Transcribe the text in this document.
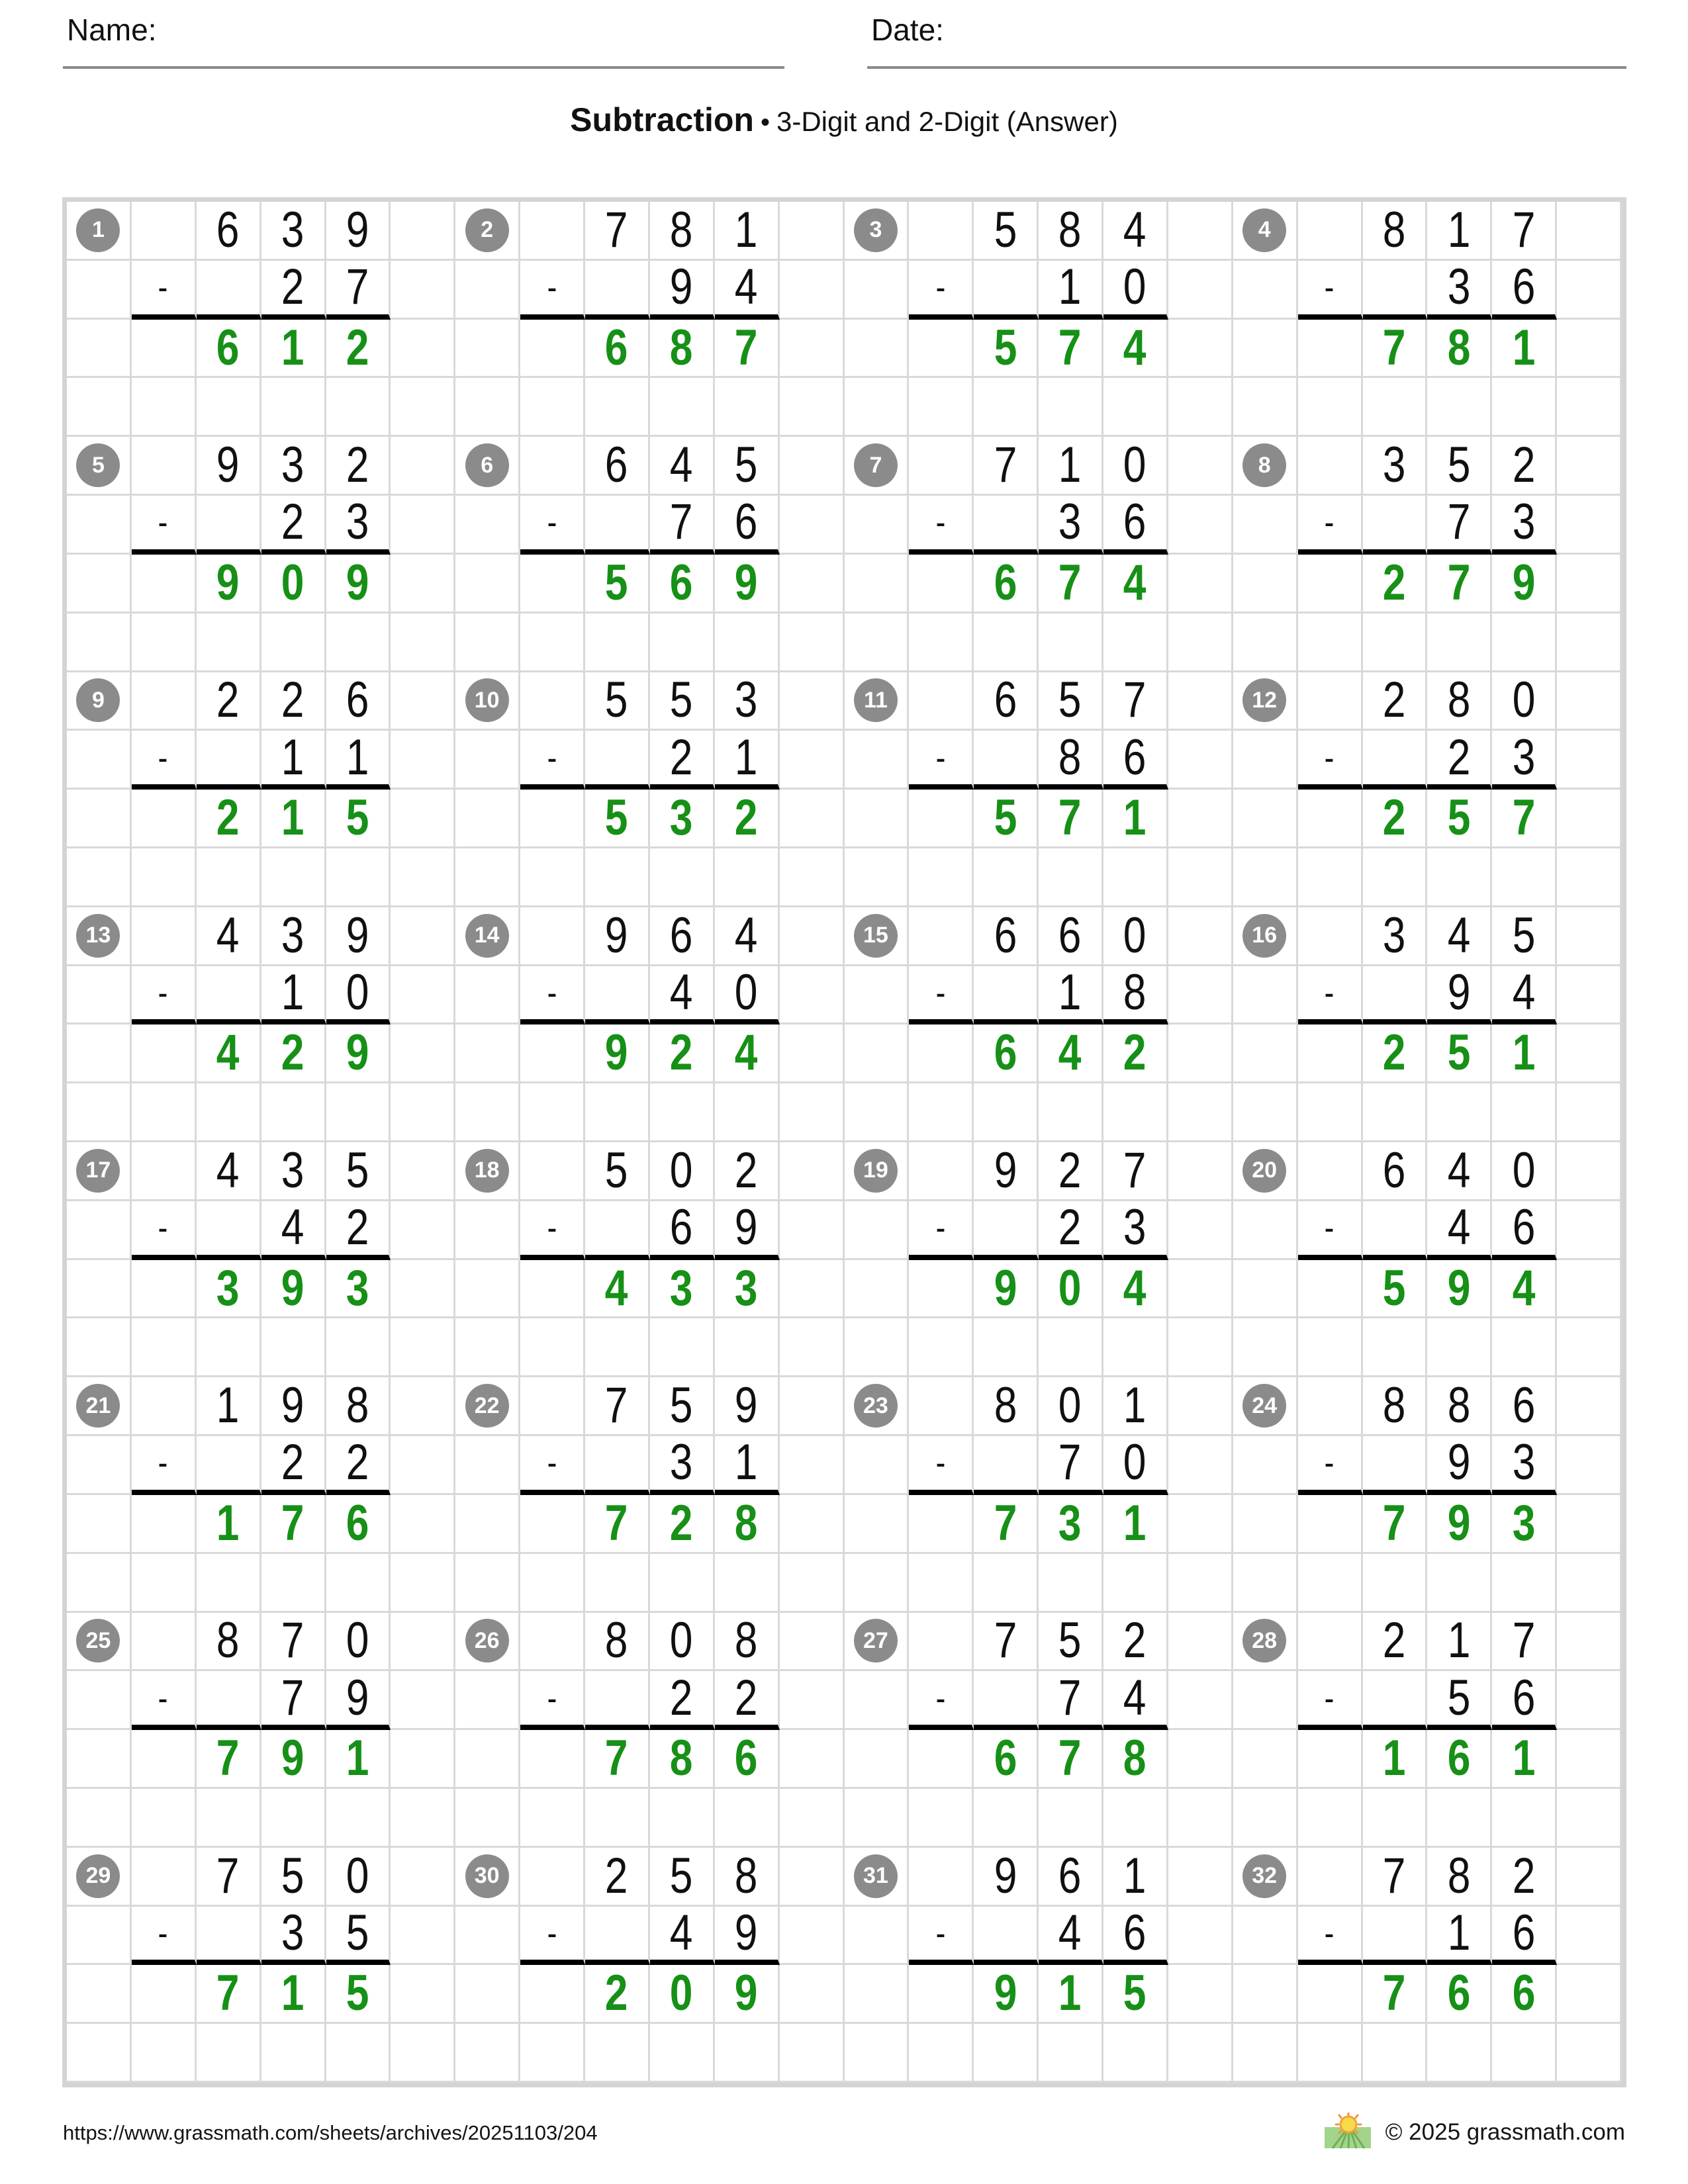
Name:	Date:
Subtraction • 3-Digit and 2-Digit (Answer)
1	6 3 9	2	7 8 1	3	5 8 4	4	8 1 7
- 2 7	- 9 4	- 1 0	- 3 6
6 1 2	6 8 7	5 7 4	7 8 1
5	9 3 2	6	6 4 5	7	7 1 0	8	3 5 2
- 2 3	- 7 6	- 3 6	- 7 3
9 0 9	5 6 9	6 7 4	2 7 9
9	2 2 6	10 5 5 3	11 6 5 7	12 2 8 0
- 1 1	- 2 1	- 8 6	- 2 3
2 1 5	5 3 2	5 7 1	2 5 7
13 4 3 9	14 9 6 4	15 6 6 0	16 3 4 5
- 1 0	- 4 0	- 1 8	- 9 4
4 2 9	9 2 4	6 4 2	2 5 1
17 4 3 5	18 5 0 2	19 9 2 7	20 6 4 0
- 4 2	- 6 9	- 2 3	- 4 6
3 9 3	4 3 3	9 0 4	5 9 4
21 1 9 8	22 7 5 9	23 8 0 1	24 8 8 6
- 2 2	- 3 1	- 7 0	- 9 3
1 7 6	7 2 8	7 3 1	7 9 3
25 8 7 0	26 8 0 8	27 7 5 2	28 2 1 7
- 7 9	- 2 2	- 7 4	- 5 6
7 9 1	7 8 6	6 7 8	1 6 1
29 7 5 0	30 2 5 8	31 9 6 1	32 7 8 2
- 3 5	- 4 9	- 4 6	- 1 6
7 1 5	2 0 9	9 1 5	7 6 6
https://www.grassmath.com/sheets/archives/20251103/204	© 2025 grassmath.com
